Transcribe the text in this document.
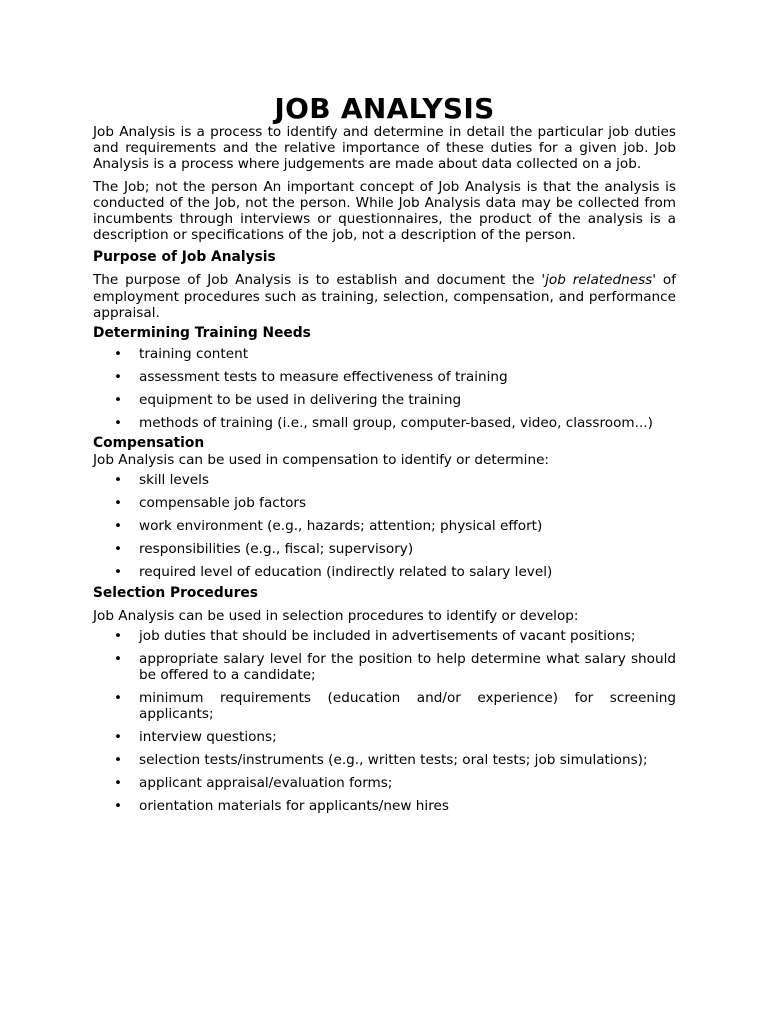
JOB ANALYSIS

Job Analysis is a process to identify and determine in detail the particular job duties and requirements and the relative importance of these duties for a given job. Job Analysis is a process where judgements are made about data collected on a job.

The Job; not the person An important concept of Job Analysis is that the analysis is conducted of the Job, not the person. While Job Analysis data may be collected from incumbents through interviews or questionnaires, the product of the analysis is a description or specifications of the job, not a description of the person.

Purpose of Job Analysis

The purpose of Job Analysis is to establish and document the 'job relatedness' of employment procedures such as training, selection, compensation, and performance appraisal.

Determining Training Needs
• training content
• assessment tests to measure effectiveness of training
• equipment to be used in delivering the training
• methods of training (i.e., small group, computer-based, video, classroom...)
Compensation

Job Analysis can be used in compensation to identify or determine:

• skill levels
• compensable job factors
• work environment (e.g., hazards; attention; physical effort)
• responsibilities (e.g., fiscal; supervisory)
• required level of education (indirectly related to salary level)
Selection Procedures

Job Analysis can be used in selection procedures to identify or develop:

• job duties that should be included in advertisements of vacant positions;
• appropriate salary level for the position to help determine what salary should be offered to a candidate;
• minimum requirements (education and/or experience) for screening applicants;
• interview questions;
• selection tests/instruments (e.g., written tests; oral tests; job simulations);
• applicant appraisal/evaluation forms;
• orientation materials for applicants/new hires
